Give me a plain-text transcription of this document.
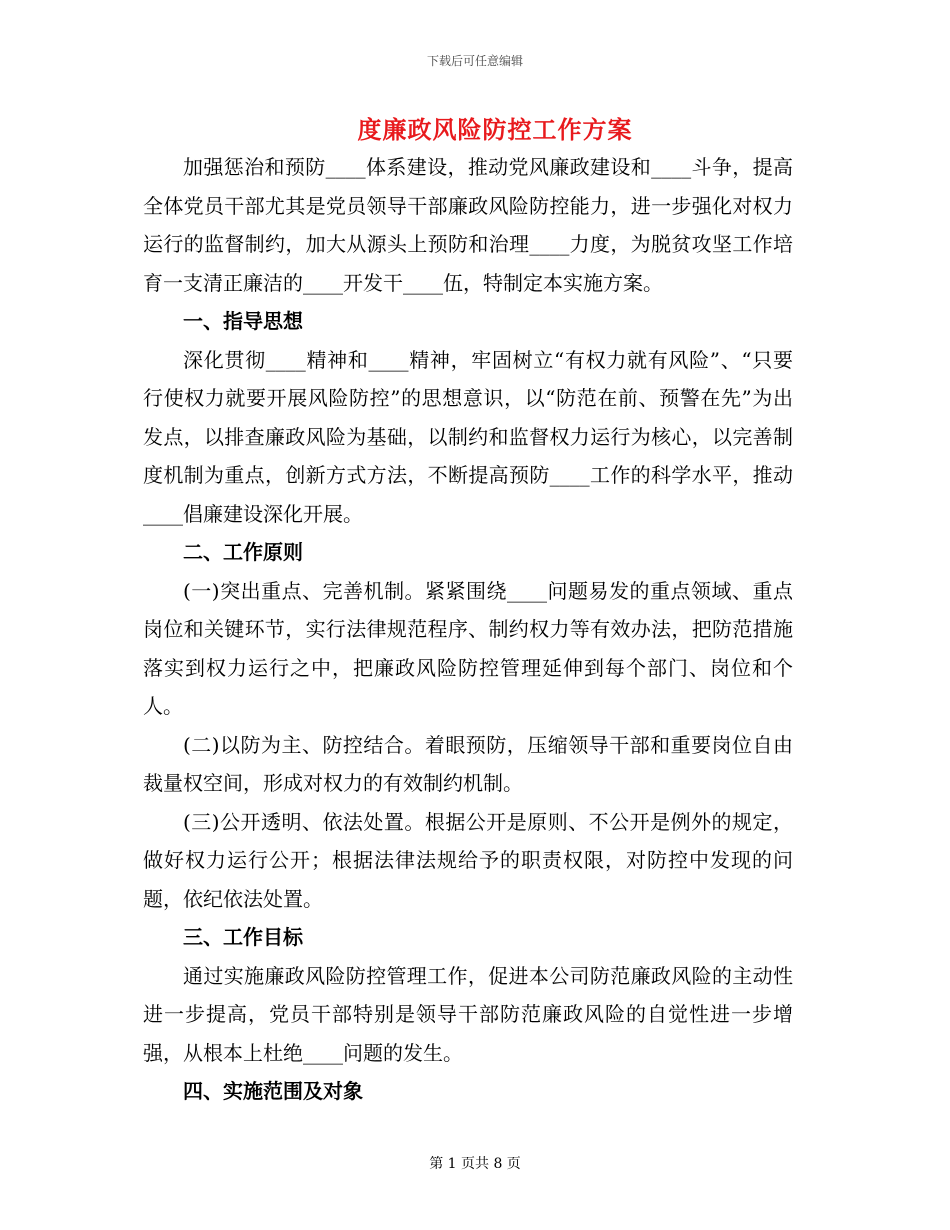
下载后可任意编辑
度廉政风险防控工作方案

加强惩治和预防____体系建设，推动党风廉政建设和____斗争，提高全体党员干部尤其是党员领导干部廉政风险防控能力，进一步强化对权力运行的监督制约，加大从源头上预防和治理____力度，为脱贫攻坚工作培育一支清正廉洁的____开发干____伍，特制定本实施方案。

一、指导思想

深化贯彻____精神和____精神，牢固树立“有权力就有风险”、“只要行使权力就要开展风险防控”的思想意识，以“防范在前、预警在先”为出发点，以排查廉政风险为基础，以制约和监督权力运行为核心，以完善制度机制为重点，创新方式方法，不断提高预防____工作的科学水平，推动____倡廉建设深化开展。

二、工作原则

(一)突出重点、完善机制。紧紧围绕____问题易发的重点领域、重点岗位和关键环节，实行法律规范程序、制约权力等有效办法，把防范措施落实到权力运行之中，把廉政风险防控管理延伸到每个部门、岗位和个人。

(二)以防为主、防控结合。着眼预防，压缩领导干部和重要岗位自由裁量权空间，形成对权力的有效制约机制。

(三)公开透明、依法处置。根据公开是原则、不公开是例外的规定，做好权力运行公开；根据法律法规给予的职责权限，对防控中发现的问题，依纪依法处置。

三、工作目标

通过实施廉政风险防控管理工作，促进本公司防范廉政风险的主动性进一步提高，党员干部特别是领导干部防范廉政风险的自觉性进一步增强，从根本上杜绝____问题的发生。

四、实施范围及对象
第 1 页共 8 页
